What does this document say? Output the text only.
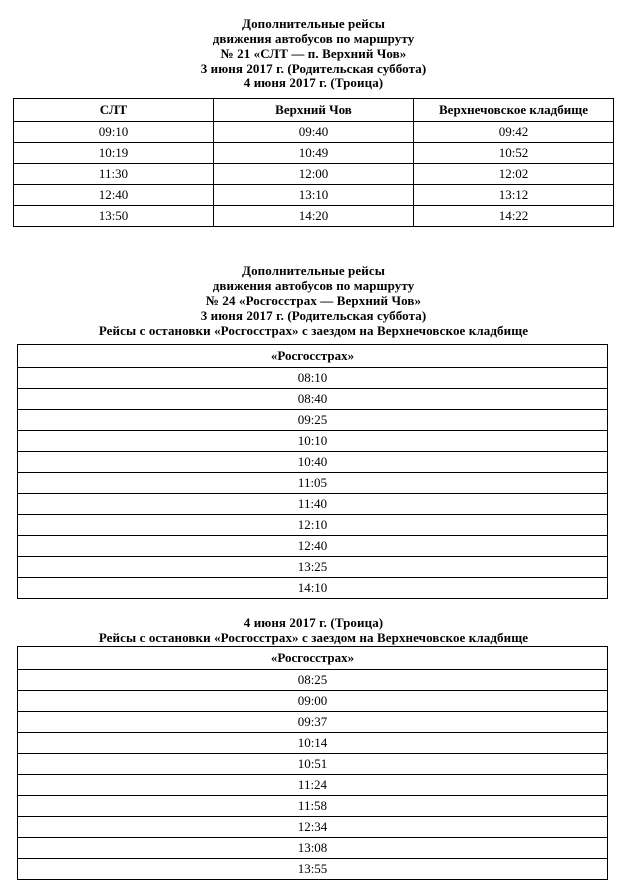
Дополнительные рейсы
движения автобусов по маршруту
№ 21 «СЛТ — п. Верхний Чов»
3 июня 2017 г. (Родительская суббота)
4 июня 2017 г. (Троица)
СЛТ	Верхний Чов	Верхнечовское кладбище
09:10	09:40	09:42
10:19	10:49	10:52
11:30	12:00	12:02
12:40	13:10	13:12
13:50	14:20	14:22
Дополнительные рейсы
движения автобусов по маршруту
№ 24 «Росгосстрах — Верхний Чов»
3 июня 2017 г. (Родительская суббота)
Рейсы с остановки «Росгосстрах» с заездом на Верхнечовское кладбище
«Росгосстрах»
08:10
08:40
09:25
10:10
10:40
11:05
11:40
12:10
12:40
13:25
14:10
4 июня 2017 г. (Троица)
Рейсы с остановки «Росгосстрах» с заездом на Верхнечовское кладбище
«Росгосстрах»
08:25
09:00
09:37
10:14
10:51
11:24
11:58
12:34
13:08
13:55
